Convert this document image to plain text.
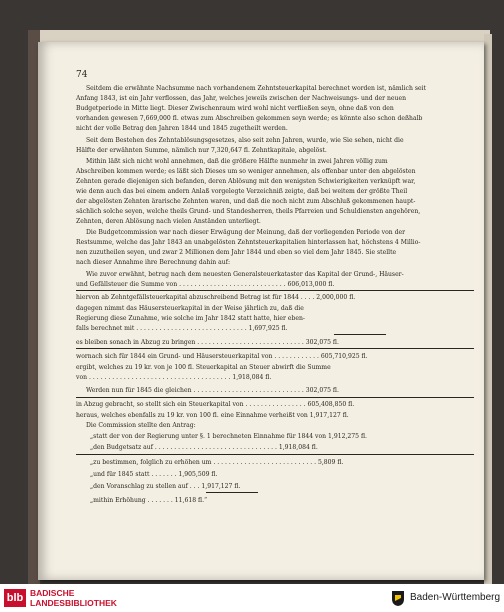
74
Seitdem die erwähnte Nachsumme nach vorhandenem Zehntsteuerkapital berechnet worden ist, nämlich seit
Anfang 1843, ist ein Jahr verflossen, das Jahr, welches jeweils zwischen der Nachweisungs- und der neuen
Budgetperiode in Mitte liegt. Dieser Zwischenraum wird wohl nicht verfließen seyn, ohne daß von den
vorhanden gewesen 7,669,000 fl. etwas zum Abschreiben gekommen seyn werde; es könnte also schon deßhalb
nicht der volle Betrag den Jahren 1844 und 1845 zugetheilt werden.
Seit dem Bestehen des Zehntablösungsgesetzes, also seit zehn Jahren, wurde, wie Sie sehen, nicht die
Hälfte der erwähnten Summe, nämlich nur 7,320,647 fl. Zehntkapitale, abgelöst.
Mithin läßt sich nicht wohl annehmen, daß die größere Hälfte nunmehr in zwei Jahren völlig zum
Abschreiben kommen werde; es läßt sich Dieses um so weniger annehmen, als offenbar unter den abgelösten
Zehnten gerade diejenigen sich befanden, deren Ablösung mit den wenigsten Schwierigkeiten verknüpft war,
wie denn auch das bei einem andern Anlaß vorgelegte Verzeichniß zeigte, daß bei weitem der größte Theil
der abgelösten Zehnten ärarische Zehnten waren, und daß die noch nicht zum Abschluß gekommenen haupt-
sächlich solche seyen, welche theils Grund- und Standesherren, theils Pfarreien und Schuldiensten angehören,
Zehnten, deren Ablösung nach vielen Anständen unterliegt.
Die Budgetcommission war nach dieser Erwägung der Meinung, daß der vorliegenden Periode von der
Restsumme, welche das Jahr 1843 an unabgelösten Zehntsteuerkapitalien hinterlassen hat, höchstens 4 Millio-
nen zuzutheilen seyen, und zwar 2 Millionen dem Jahr 1844 und eben so viel dem Jahr 1845. Sie stellte
nach dieser Annahme ihre Berechnung dahin auf:
Wie zuvor erwähnt, betrug nach dem neuesten Generalsteuerkataster das Kapital der Grund-, Häuser-
und Gefällsteuer die Summe von . . . . . . . . . . . . . . . . . . . . . . . . . . . . 606,013,000 fl.
hiervon ab Zehntgefällsteuerkapital abzuschreibend Betrag ist für 1844 . . . . 2,000,000 fl.
dagegen nimmt das Häusersteuerkapital in der Weise jährlich zu, daß die
Regierung diese Zunahme, wie solche im Jahr 1842 statt hatte, hier eben-
falls berechnet mit . . . . . . . . . . . . . . . . . . . . . . . . . . . . . 1,697,925 fl.
es bleiben sonach in Abzug zu bringen . . . . . . . . . . . . . . . . . . . . . . . . . . . . 302,075 fl.
wornach sich für 1844 ein Grund- und Häusersteuerkapital von . . . . . . . . . . . . 605,710,925 fl.
ergibt, welches zu 19 kr. von je 100 fl. Steuerkapital an Steuer abwirft die Summe
von . . . . . . . . . . . . . . . . . . . . . . . . . . . . . . . . . . . . . 1,918,084 fl.
Werden nun für 1845 die gleichen . . . . . . . . . . . . . . . . . . . . . . . . . . . . . 302,075 fl.
in Abzug gebracht, so stellt sich ein Steuerkapital von . . . . . . . . . . . . . . . . 605,408,850 fl.
heraus, welches ebenfalls zu 19 kr. von 100 fl. eine Einnahme verheißt von 1,917,127 fl.
Die Commission stellte den Antrag:
„statt der von der Regierung unter §. 1 berechneten Einnahme für 1844 von 1,912,275 fl.
„den Budgetsatz auf . . . . . . . . . . . . . . . . . . . . . . . . . . . . . . . . 1,918,084 fl.
„zu bestimmen, folglich zu erhöhen um . . . . . . . . . . . . . . . . . . . . . . . . . . . 5,809 fl.
„und für 1845 statt . . . . . . . 1,905,509 fl.
„den Voranschlag zu stellen auf . . . 1,917,127 fl.
„mithin Erhöhung . . . . . . . 11,618 fl.“
blb BADISCHE
LANDESBIBLIOTHEK	Baden-Württemberg
